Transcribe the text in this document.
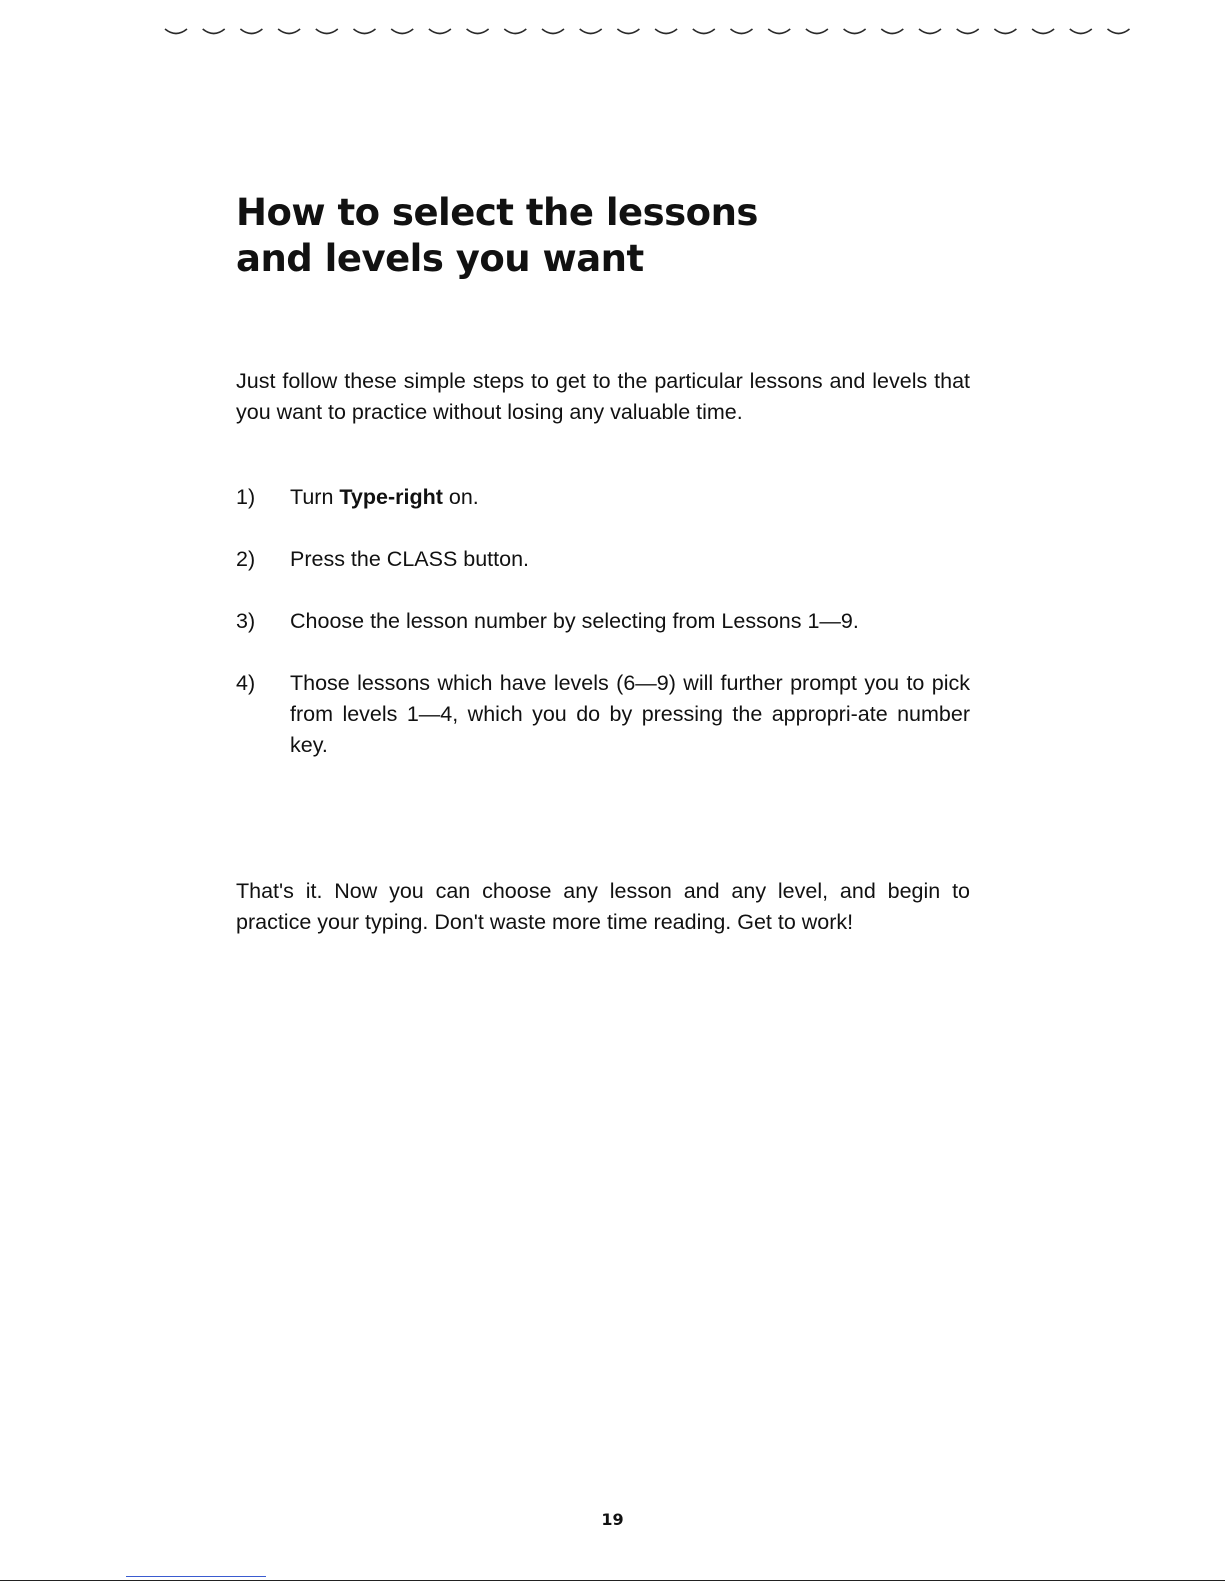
How to select the lessons
and levels you want

Just follow these simple steps to get to the particular lessons and levels that you want to practice without losing any valuable time.

1) Turn Type-right on.
2) Press the CLASS button.
3) Choose the lesson number by selecting from Lessons 1—9.
4) Those lessons which have levels (6—9) will further prompt you to pick from levels 1—4, which you do by pressing the appropri-ate number key.

That's it. Now you can choose any lesson and any level, and begin to practice your typing. Don't waste more time reading. Get to work!

19
